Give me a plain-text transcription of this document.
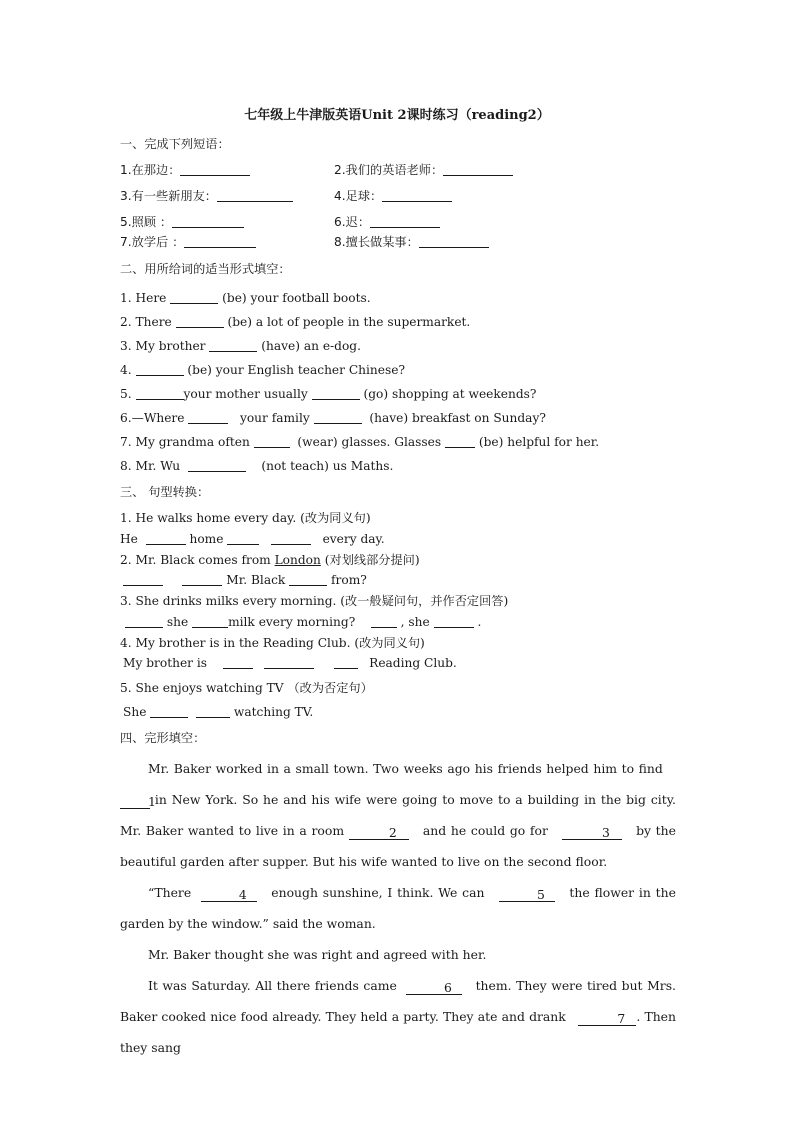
七年级上牛津版英语Unit 2课时练习（reading2）
一、完成下列短语：
1.在那边：	2.我们的英语老师：
3.有一些新朋友：	4.足球：
5.照顾 ：	6.迟：
7.放学后 ：	8.擅长做某事：
二、用所给词的适当形式填空：
1. Here	(be) your football boots.
2. There	(be) a lot of people in the supermarket.
3. My brother	(have) an e-dog.
4.	(be) your English teacher Chinese?
5.	your mother usually	(go) shopping at weekends?
6.—Where	your family	(have) breakfast on Sunday?
7. My grandma often	(wear) glasses. Glasses	(be) helpful for her.
8. Mr. Wu	(not teach) us Maths.
三、 句型转换：
1. He walks home every day. (改为同义句)
He	home	every day.
2. Mr. Black comes from London (对划线部分提问)
Mr. Black	from?
3. She drinks milks every morning. (改一般疑问句，并作否定回答)
she	milk every morning?	, she	.
4. My brother is in the Reading Club. (改为同义句)
My brother is	Reading Club.
5. She enjoys watching TV （改为否定句）
She	watching TV.
四、完形填空：
Mr. Baker worked in a small town. Two weeks ago his friends helped him to find   1 in New York. So he and his wife were going to move to a building in the big city. Mr. Baker wanted to live in a room	2 and he could go for	3 by the beautiful garden after supper. But his wife wanted to live on the second floor.
“There	4 enough sunshine, I think. We can	5 the flower in the garden by the window.” said the woman.
Mr. Baker thought she was right and agreed with her.
It was Saturday. All there friends came	6 them. They were tired but Mrs. Baker cooked nice food already. They held a party. They ate and drank	7 . Then they sang
